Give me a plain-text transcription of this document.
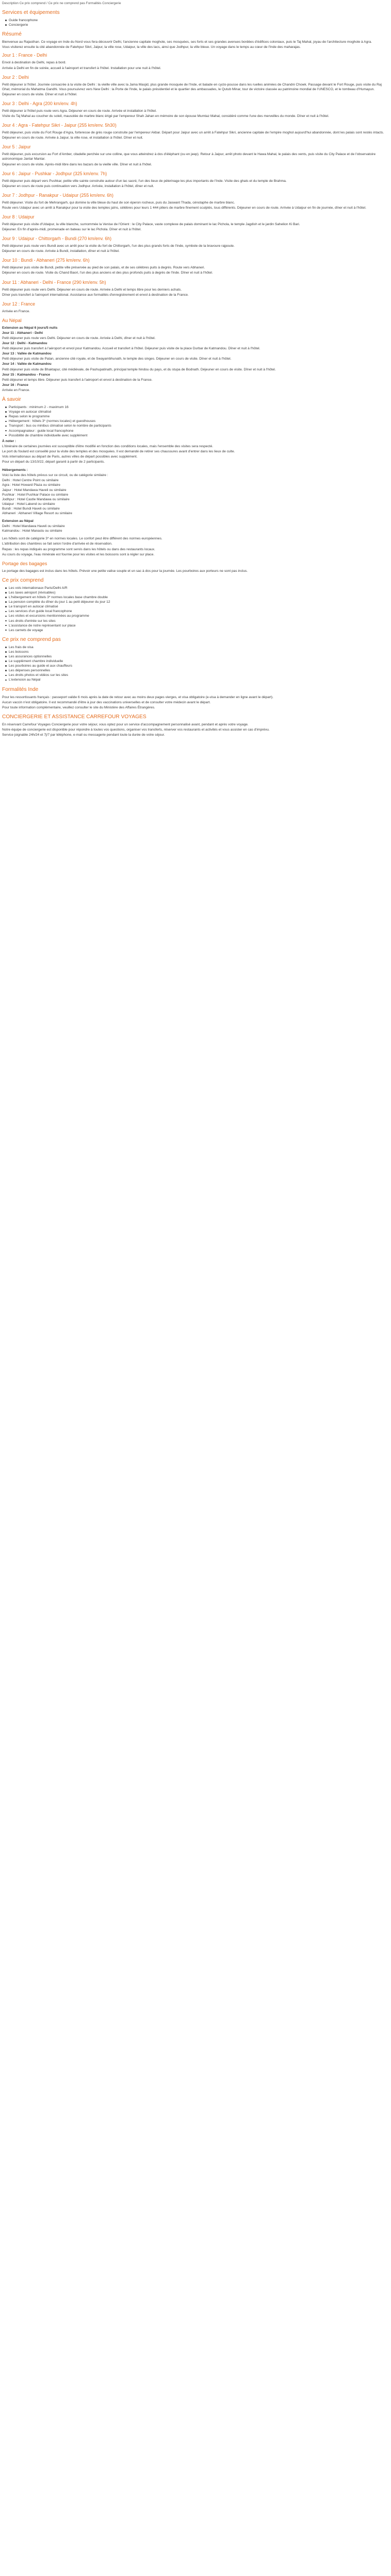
Description Ce prix comprend / Ce prix ne comprend pas Formalités Conciergerie

Services et équipements
Guide francophone
Conciergerie
Résumé

Bienvenue au Rajasthan. Ce voyage en Inde du Nord vous fera découvrir Delhi, l'ancienne capitale moghole, ses mosquées, ses forts et ses grandes avenues bordées d'édifices coloniaux, puis le Taj Mahal, joyau de l'architecture moghole à Agra.

Vous visiterez ensuite la cité abandonnée de Fatehpur Sikri, Jaipur, la ville rose, Udaipur, la ville des lacs, ainsi que Jodhpur, la ville bleue. Un voyage dans le temps au cœur de l'Inde des maharajas.

Jour 1 : France - Delhi

Envol à destination de Delhi, repas à bord.

Arrivée à Delhi en fin de soirée, accueil à l'aéroport et transfert à l'hôtel. Installation pour une nuit à l'hôtel.

Jour 2 : Delhi

Petit déjeuner à l'hôtel. Journée consacrée à la visite de Delhi : la vieille ville avec la Jama Masjid, plus grande mosquée de l'Inde, et balade en cyclo-pousse dans les ruelles animées de Chandni Chowk. Passage devant le Fort Rouge, puis visite du Raj Ghat, mémorial du Mahatma Gandhi. Vous poursuivrez vers New Delhi : la Porte de l'Inde, le palais présidentiel et le quartier des ambassades, le Qutub Minar, tour de victoire classée au patrimoine mondial de l'UNESCO, et le tombeau d'Humayun.

Déjeuner en cours de visite. Dîner et nuit à l'hôtel.

Jour 3 : Delhi - Agra (200 km/env. 4h)

Petit déjeuner à l'hôtel puis route vers Agra. Déjeuner en cours de route. Arrivée et installation à l'hôtel.

Visite du Taj Mahal au coucher du soleil, mausolée de marbre blanc érigé par l'empereur Shah Jahan en mémoire de son épouse Mumtaz Mahal, considéré comme l'une des merveilles du monde. Dîner et nuit à l'hôtel.

Jour 4 : Agra - Fatehpur Sikri - Jaipur (255 km/env. 5h30)

Petit déjeuner, puis visite du Fort Rouge d'Agra, forteresse de grès rouge construite par l'empereur Akbar. Départ pour Jaipur avec un arrêt à Fatehpur Sikri, ancienne capitale de l'empire moghol aujourd'hui abandonnée, dont les palais sont restés intacts.

Déjeuner en cours de route. Arrivée à Jaipur, la ville rose, et installation à l'hôtel. Dîner et nuit.

Jour 5 : Jaipur

Petit déjeuner, puis excursion au Fort d'Amber, citadelle perchée sur une colline, que vous atteindrez à dos d'éléphant (ou en jeep). Retour à Jaipur, arrêt photo devant le Hawa Mahal, le palais des vents, puis visite du City Palace et de l'observatoire astronomique Jantar Mantar.

Déjeuner en cours de visite. Après-midi libre dans les bazars de la vieille ville. Dîner et nuit à l'hôtel.

Jour 6 : Jaipur - Pushkar - Jodhpur (325 km/env. 7h)

Petit déjeuner puis départ vers Pushkar, petite ville sainte construite autour d'un lac sacré, l'un des lieux de pèlerinage les plus importants de l'Inde. Visite des ghats et du temple de Brahma.

Déjeuner en cours de route puis continuation vers Jodhpur. Arrivée, installation à l'hôtel, dîner et nuit.

Jour 7 : Jodhpur - Ranakpur - Udaipur (255 km/env. 6h)

Petit déjeuner. Visite du fort de Mehrangarh, qui domine la ville bleue du haut de son éperon rocheux, puis du Jaswant Thada, cénotaphe de marbre blanc.

Route vers Udaipur avec un arrêt à Ranakpur pour la visite des temples jaïns, célèbres pour leurs 1 444 piliers de marbre finement sculptés, tous différents. Déjeuner en cours de route. Arrivée à Udaipur en fin de journée, dîner et nuit à l'hôtel.

Jour 8 : Udaipur

Petit déjeuner puis visite d'Udaipur, la ville blanche, surnommée la Venise de l'Orient : le City Palace, vaste complexe de palais dominant le lac Pichola, le temple Jagdish et le jardin Sahelion Ki Bari.

Déjeuner. En fin d'après-midi, promenade en bateau sur le lac Pichola. Dîner et nuit à l'hôtel.

Jour 9 : Udaipur - Chittorgarh - Bundi (270 km/env. 6h)

Petit déjeuner puis route vers Bundi avec un arrêt pour la visite du fort de Chittorgarh, l'un des plus grands forts de l'Inde, symbole de la bravoure rajpoute.

Déjeuner en cours de route. Arrivée à Bundi, installation, dîner et nuit à l'hôtel.

Jour 10 : Bundi - Abhaneri (275 km/env. 6h)

Petit déjeuner puis visite de Bundi, petite ville préservée au pied de son palais, et de ses célèbres puits à degrés. Route vers Abhaneri.

Déjeuner en cours de route. Visite du Chand Baori, l'un des plus anciens et des plus profonds puits à degrés de l'Inde. Dîner et nuit à l'hôtel.

Jour 11 : Abhaneri - Delhi - France (290 km/env. 5h)

Petit déjeuner puis route vers Delhi. Déjeuner en cours de route. Arrivée à Delhi et temps libre pour les derniers achats.

Dîner puis transfert à l'aéroport international. Assistance aux formalités d'enregistrement et envol à destination de la France.

Jour 12 : France

Arrivée en France.

Au Népal

Extension au Népal 6 jours/5 nuits

Jour 11 : Abhaneri - Delhi

Petit déjeuner puis route vers Delhi. Déjeuner en cours de route. Arrivée à Delhi, dîner et nuit à l'hôtel.

Jour 12 : Delhi - Katmandou

Petit déjeuner puis transfert à l'aéroport et envol pour Katmandou. Accueil et transfert à l'hôtel. Déjeuner puis visite de la place Durbar de Katmandou. Dîner et nuit à l'hôtel.

Jour 13 : Vallée de Katmandou

Petit déjeuner puis visite de Patan, ancienne cité royale, et de Swayambhunath, le temple des singes. Déjeuner en cours de visite. Dîner et nuit à l'hôtel.

Jour 14 : Vallée de Katmandou

Petit déjeuner puis visite de Bhaktapur, cité médiévale, de Pashupatinath, principal temple hindou du pays, et du stupa de Bodnath. Déjeuner en cours de visite. Dîner et nuit à l'hôtel.

Jour 15 : Katmandou - France

Petit déjeuner et temps libre. Déjeuner puis transfert à l'aéroport et envol à destination de la France.

Jour 16 : France

Arrivée en France.

À savoir
Participants : minimum 2 - maximum 16
Voyage en autocar climatisé
Repas selon le programme
Hébergement : hôtels 3* (normes locales) et guesthouses
Transport : bus ou minibus climatisé selon le nombre de participants
Accompagnateur : guide local francophone
Possibilité de chambre individuelle avec supplément

À noter :

L'itinéraire de certaines journées est susceptible d'être modifié en fonction des conditions locales, mais l'ensemble des visites sera respecté.

Le port du foulard est conseillé pour la visite des temples et des mosquées. Il est demandé de retirer ses chaussures avant d'entrer dans les lieux de culte.

Vols internationaux au départ de Paris, autres villes de départ possibles avec supplément.

Pour un départ du 13/10/22, départ garanti à partir de 2 participants.

Hébergements :

Voici la liste des hôtels prévus sur ce circuit, ou de catégorie similaire :

Delhi : Hotel Centre Point ou similaire

Agra : Hotel Howard Plaza ou similaire

Jaipur : Hotel Mandawa Haveli ou similaire

Pushkar : Hotel Pushkar Palace ou similaire

Jodhpur : Hotel Castle Mandawa ou similaire

Udaipur : Hotel Lakend ou similaire

Bundi : Hotel Bundi Haveli ou similaire

Abhaneri : Abhaneri Village Resort ou similaire

Extension au Népal

Delhi : Hotel Mandawa Haveli ou similaire

Katmandou : Hotel Manaslu ou similaire

Les hôtels sont de catégorie 3* en normes locales. Le confort peut être différent des normes européennes.

L'attribution des chambres se fait selon l'ordre d'arrivée et de réservation.

Repas : les repas indiqués au programme sont servis dans les hôtels ou dans des restaurants locaux.

Au cours du voyage, l'eau minérale est fournie pour les visites et les boissons sont à régler sur place.

Portage des bagages

Le portage des bagages est inclus dans les hôtels. Prévoir une petite valise souple et un sac à dos pour la journée. Les pourboires aux porteurs ne sont pas inclus.

Ce prix comprend
Les vols internationaux Paris/Delhi A/R
Les taxes aéroport (révisables)
L'hébergement en hôtels 3* normes locales base chambre double
La pension complète du dîner du jour 1 au petit déjeuner du jour 12
Le transport en autocar climatisé
Les services d'un guide local francophone
Les visites et excursions mentionnées au programme
Les droits d'entrée sur les sites
L'assistance de notre représentant sur place
Les carnets de voyage
Ce prix ne comprend pas
Les frais de visa
Les boissons
Les assurances optionnelles
Le supplément chambre individuelle
Les pourboires au guide et aux chauffeurs
Les dépenses personnelles
Les droits photos et vidéos sur les sites
L'extension au Népal
Formalités Inde

Pour les ressortissants français : passeport valide 6 mois après la date de retour avec au moins deux pages vierges, et visa obligatoire (e-visa à demander en ligne avant le départ).

Aucun vaccin n'est obligatoire. Il est recommandé d'être à jour des vaccinations universelles et de consulter votre médecin avant le départ.

Pour toute information complémentaire, veuillez consulter le site du Ministère des Affaires Étrangères.

CONCIERGERIE ET ASSISTANCE CARREFOUR VOYAGES

En réservant Carrefour Voyages Conciergerie pour votre séjour, vous optez pour un service d'accompagnement personnalisé avant, pendant et après votre voyage.

Notre équipe de conciergerie est disponible pour répondre à toutes vos questions, organiser vos transferts, réserver vos restaurants et activités et vous assister en cas d'imprévu.

Service joignable 24h/24 et 7j/7 par téléphone, e-mail ou messagerie pendant toute la durée de votre séjour.
